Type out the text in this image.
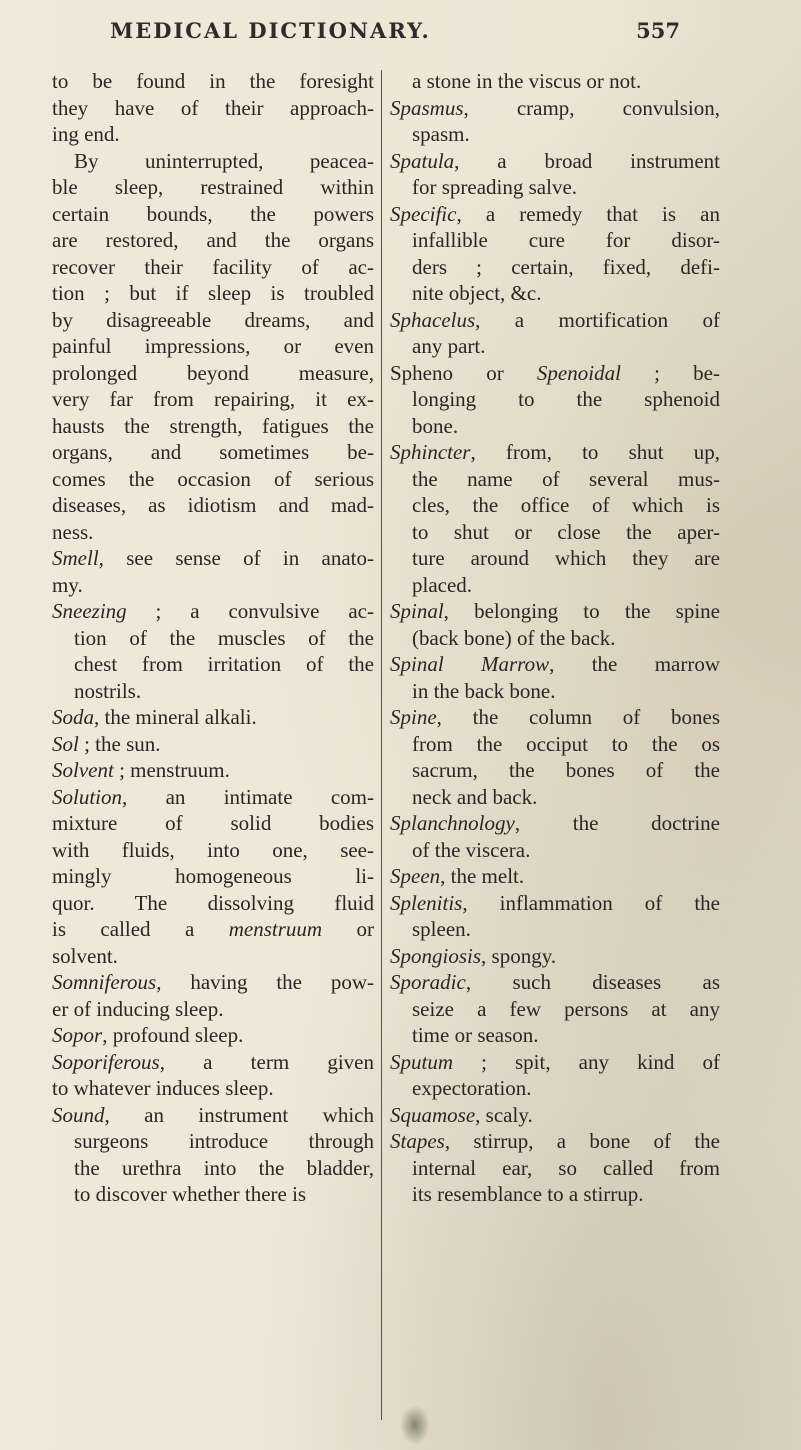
MEDICAL DICTIONARY.	557
to be found in the foresight
they have of their approach-
ing end.
By uninterrupted, peacea-
ble sleep, restrained within
certain bounds, the powers
are restored, and the organs
recover their facility of ac-
tion ; but if sleep is troubled
by disagreeable dreams, and
painful impressions, or even
prolonged beyond measure,
very far from repairing, it ex-
hausts the strength, fatigues the
organs, and sometimes be-
comes the occasion of serious
diseases, as idiotism and mad-
ness.
Smell, see sense of in anato-
my.
Sneezing ; a convulsive ac-
tion of the muscles of the
chest from irritation of the
nostrils.
Soda, the mineral alkali.
Sol ; the sun.
Solvent ; menstruum.
Solution, an intimate com-
mixture of solid bodies
with fluids, into one, see-
mingly homogeneous li-
quor. The dissolving fluid
is called a menstruum or
solvent.
Somniferous, having the pow-
er of inducing sleep.
Sopor, profound sleep.
Soporiferous, a term given
to whatever induces sleep.
Sound, an instrument which
surgeons introduce through
the urethra into the bladder,
to discover whether there is
a stone in the viscus or not.
Spasmus, cramp, convulsion,
spasm.
Spatula, a broad instrument
for spreading salve.
Specific, a remedy that is an
infallible cure for disor-
ders ; certain, fixed, defi-
nite object, &c.
Sphacelus, a mortification of
any part.
Spheno or Spenoidal ; be-
longing to the sphenoid
bone.
Sphincter, from, to shut up,
the name of several mus-
cles, the office of which is
to shut or close the aper-
ture around which they are
placed.
Spinal, belonging to the spine
(back bone) of the back.
Spinal Marrow, the marrow
in the back bone.
Spine, the column of bones
from the occiput to the os
sacrum, the bones of the
neck and back.
Splanchnology, the doctrine
of the viscera.
Speen, the melt.
Splenitis, inflammation of the
spleen.
Spongiosis, spongy.
Sporadic, such diseases as
seize a few persons at any
time or season.
Sputum ; spit, any kind of
expectoration.
Squamose, scaly.
Stapes, stirrup, a bone of the
internal ear, so called from
its resemblance to a stirrup.
